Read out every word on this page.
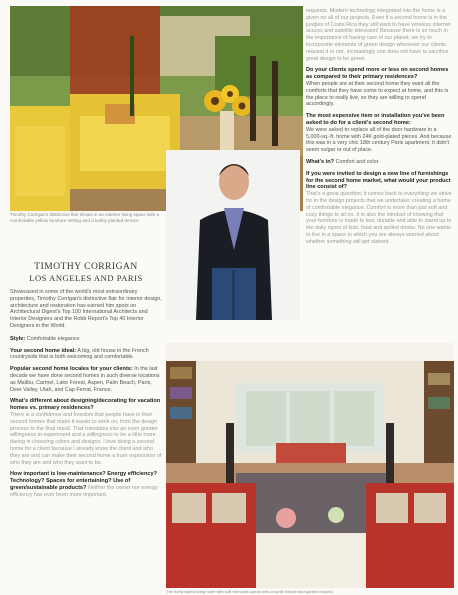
Timothy Corrigan's distinctive flair shows in an exterior living space with a comfortable yellow furniture setting and a lushly planted terrace.

TIMOTHY CORRIGAN

LOS ANGELES AND PARIS

Showcased in some of the world's most extraordinary properties, Timothy Corrigan's distinctive flair for interior design, architecture and restoration has earned him spots on Architectural Digest's Top 100 International Architects and Interior Designers and the Robb Report's Top 40 Interior Designers in the World.

Style: Comfortable elegance

Your second home ideal: A big, old house in the French countryside that is both welcoming and comfortable.

Popular second home locales for your clients: In the last decade we have done second homes in such diverse locations as Malibu, Carmel, Lake Forest, Aspen, Palm Beach, Paris, Deer Valley, Utah, and Cap Ferrat, France.

What's different about designing/decorating for vacation homes vs. primary residences?

There is a confidence and freedom that people have in their second homes that make it easier to work on, from the design process to the final result. That translates into an even greater willingness to experiment and a willingness to be a little more daring in choosing colors and designs. I love doing a second home for a client because I already know the client and who they are and can make their second home a truer expression of who they are and who they want to be.

How important is low-maintenance? Energy efficiency? Technology? Spaces for entertaining? Use of green/sustainable products? Neither the owner nor energy efficiency has ever been more important.

requests. Modern technology integrated into the home is a given on all of our projects. Even if a second home is in the jungles of Costa Rica they still want to have wireless internet access and satellite television! Because there is so much in the importance of having care of our planet, we try to incorporate elements of green design whenever our clients request it or not. Increasingly one does not have to sacrifice great design to be green.

Do your clients spend more or less on second homes as compared to their primary residences?

When people are at their second home they want all the comforts that they have come to expect at home, and this is the place to really live, so they are willing to spend accordingly.

The most expensive item or installation you've been asked to do for a client's second home:

We were asked to replace all of the door hardware in a 5,000-sq.-ft. home with 24K gold-plated pieces. And because this was in a very chic 18th century Paris apartment, it didn't seem vulgar or out of place.

What's in? Comfort and color.

If you were invited to design a new line of furnishings for the second home market, what would your product line consist of?

That's a great question; it comes back to everything we strive for in the design projects that we undertake: creating a home of comfortable elegance. Comfort is more than just soft and cozy things to sit on. It is also the mindset of knowing that your furniture is made to last, durable and able to stand up to the daily rigors of kids, food and spilled drinks. No one wants to live in a space in which you are always worried about whether something will get stained.

The richly styled living room with soft red sofas opens onto a sunlit terrace and garden beyond.
